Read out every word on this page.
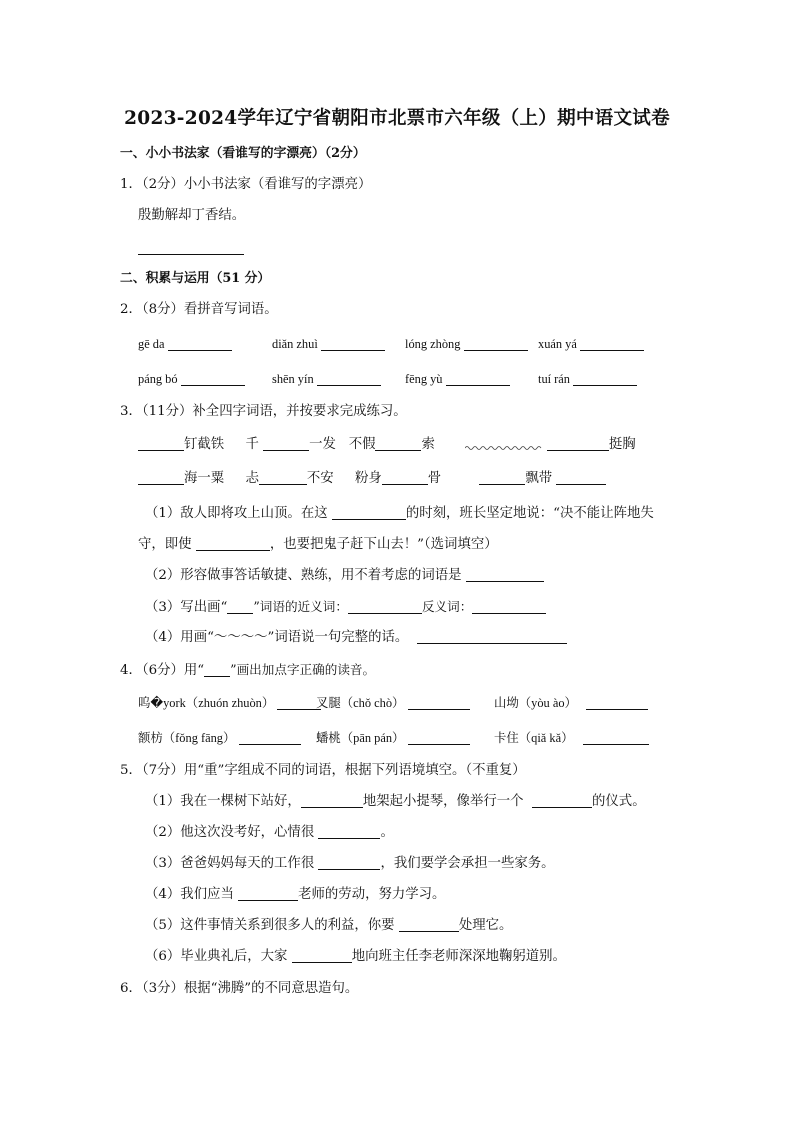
2023-2024学年辽宁省朝阳市北票市六年级（上）期中语文试卷
一、小小书法家（看谁写的字漂亮）（2分）
1．（2分）小小书法家（看谁写的字漂亮）
殷勤解却丁香结。
二、积累与运用（51 分）
2．（8分）看拼音写词语。
gē da	diǎn zhuì	lóng zhòng	xuán yá
páng bó	shēn yín	fēng yù	tuí rán
3．（11分）补全四字词语，并按要求完成练习。
钉截铁 千	一发 不假	索	挺胸
海一粟 忐	不安 粉身	骨	飘带
（1）敌人即将攻上山顶。在这	的时刻，班长坚定地说：“决不能让阵地失
守，即使	，也要把鬼子赶下山去！”（选词填空）
（2）形容做事答话敏捷、熟练，用不着考虑的词语是
（3）写出画“ ”词语的近义词：	反义词：
（4）用画“～～～～”词语说一句完整的话。
4．（6分）用“ ”画出加点字正确的读音。
呜�york（zhuón zhuòn）	叉腿（chǒ chò）	山坳（yòu ào）
额枋（fǒng fāng）	蟠桃（pān pán）	卡住（qiǎ kǎ）
5．（7分）用“重”字组成不同的词语，根据下列语境填空。（不重复）
（1）我在一棵树下站好，	地架起小提琴，像举行一个	的仪式。
（2）他这次没考好，心情很	。
（3）爸爸妈妈每天的工作很	，我们要学会承担一些家务。
（4）我们应当	老师的劳动，努力学习。
（5）这件事情关系到很多人的利益，你要	处理它。
（6）毕业典礼后，大家	地向班主任李老师深深地鞠躬道别。
6．（3分）根据“沸腾”的不同意思造句。
